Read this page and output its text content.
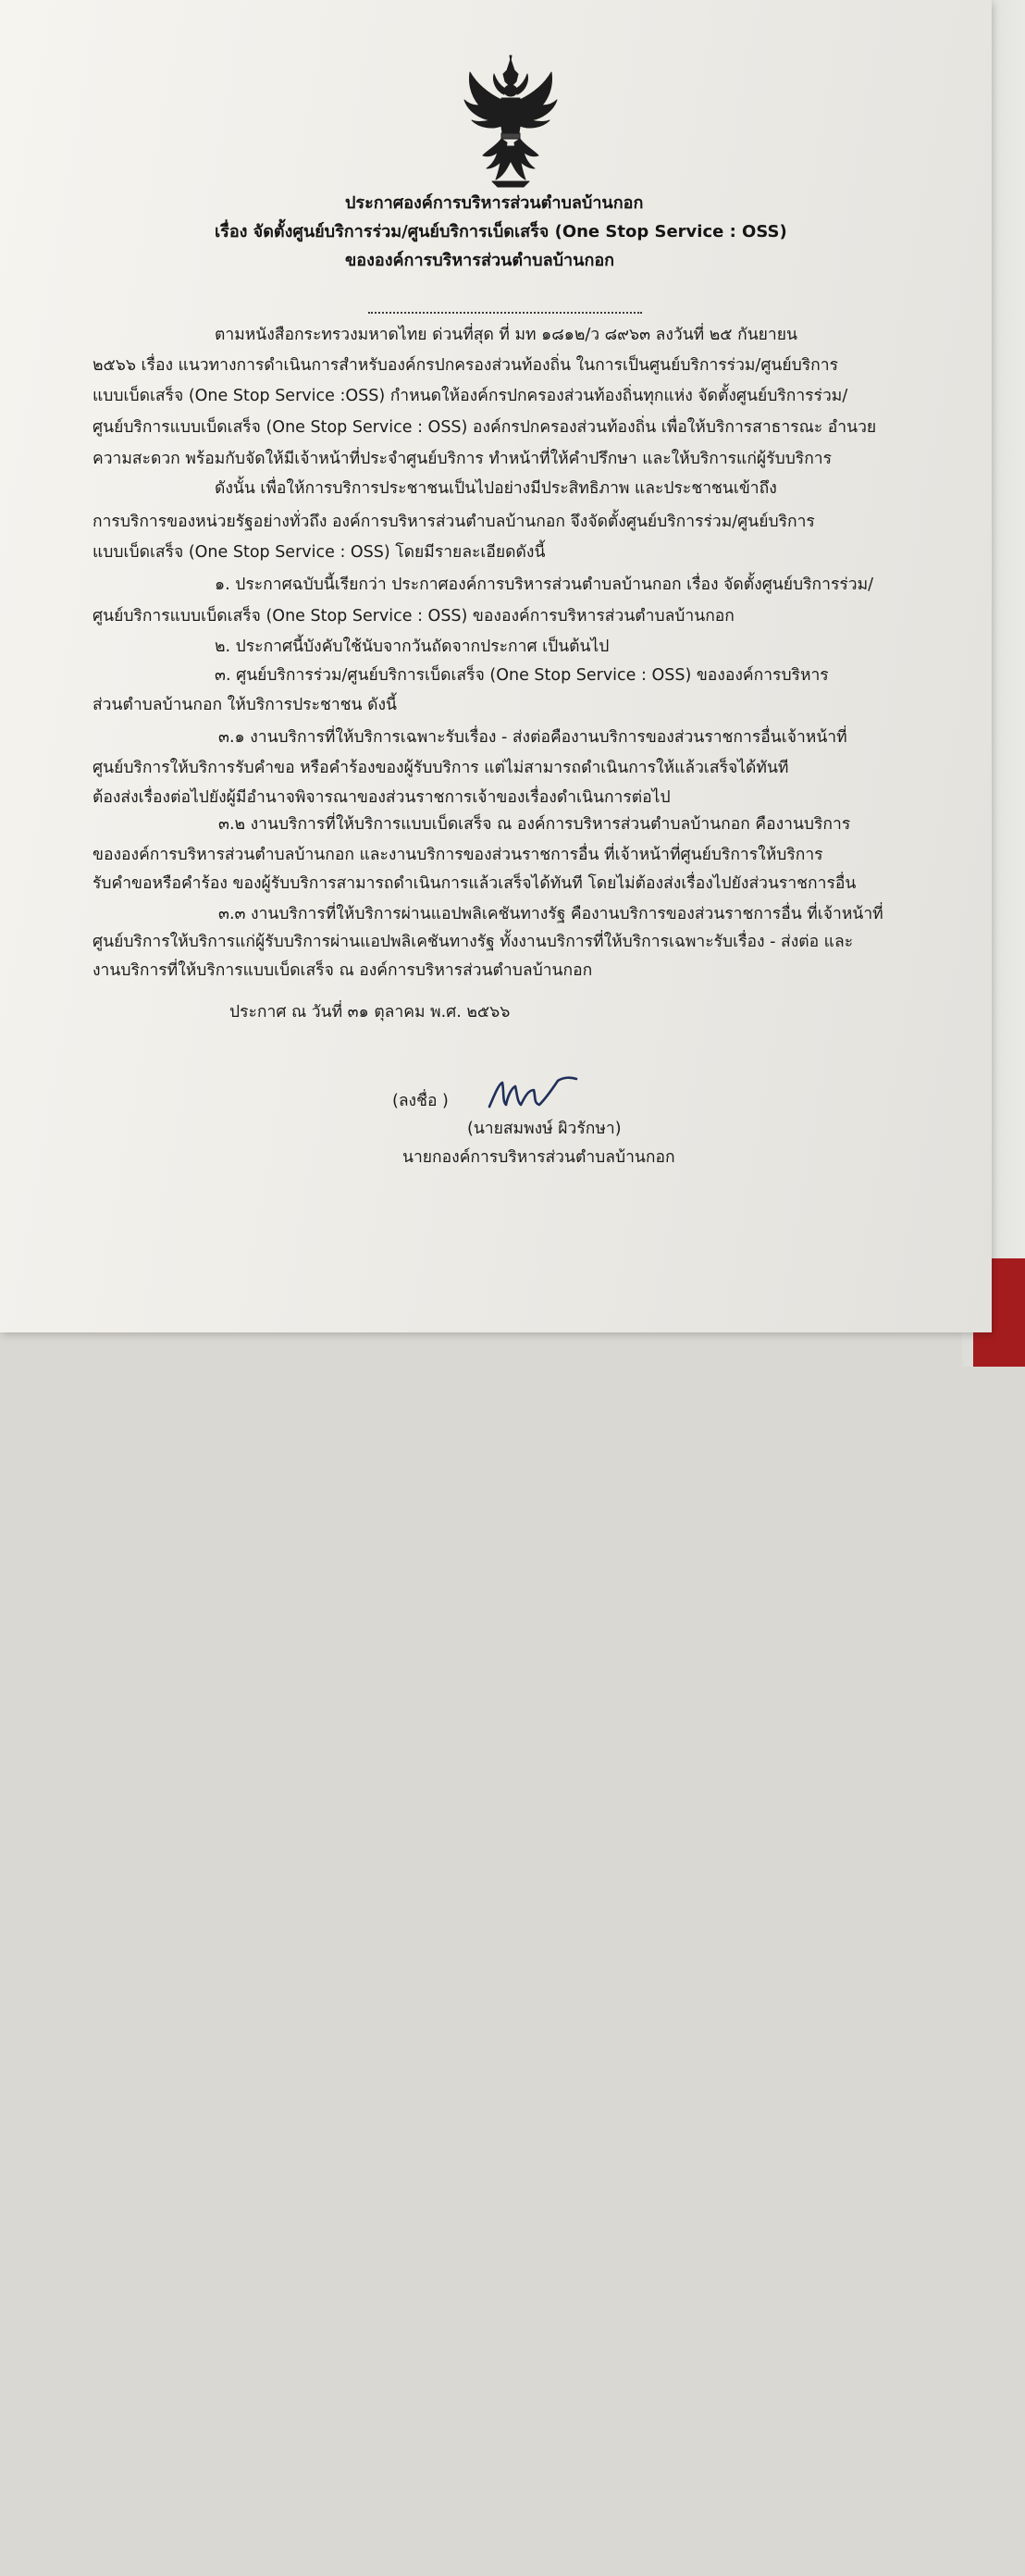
ประกาศองค์การบริหารส่วนตำบลบ้านกอก

เรื่อง จัดตั้งศูนย์บริการร่วม/ศูนย์บริการเบ็ดเสร็จ (One Stop Service : OSS)

ขององค์การบริหารส่วนตำบลบ้านกอก

ตามหนังสือกระทรวงมหาดไทย ด่วนที่สุด ที่ มท ๑๘๑๒/ว ๘๙๖๓ ลงวันที่ ๒๕ กันยายน

๒๕๖๖ เรื่อง แนวทางการดำเนินการสำหรับองค์กรปกครองส่วนท้องถิ่น ในการเป็นศูนย์บริการร่วม/ศูนย์บริการ

แบบเบ็ดเสร็จ (One Stop Service :OSS) กำหนดให้องค์กรปกครองส่วนท้องถิ่นทุกแห่ง จัดตั้งศูนย์บริการร่วม/

ศูนย์บริการแบบเบ็ดเสร็จ (One Stop Service : OSS) องค์กรปกครองส่วนท้องถิ่น เพื่อให้บริการสาธารณะ อำนวย

ความสะดวก พร้อมกับจัดให้มีเจ้าหน้าที่ประจำศูนย์บริการ ทำหน้าที่ให้คำปรึกษา และให้บริการแก่ผู้รับบริการ

ดังนั้น เพื่อให้การบริการประชาชนเป็นไปอย่างมีประสิทธิภาพ และประชาชนเข้าถึง

การบริการของหน่วยรัฐอย่างทั่วถึง องค์การบริหารส่วนตำบลบ้านกอก จึงจัดตั้งศูนย์บริการร่วม/ศูนย์บริการ

แบบเบ็ดเสร็จ (One Stop Service : OSS) โดยมีรายละเอียดดังนี้

๑. ประกาศฉบับนี้เรียกว่า ประกาศองค์การบริหารส่วนตำบลบ้านกอก เรื่อง จัดตั้งศูนย์บริการร่วม/

ศูนย์บริการแบบเบ็ดเสร็จ (One Stop Service : OSS) ขององค์การบริหารส่วนตำบลบ้านกอก

๒. ประกาศนี้บังคับใช้นับจากวันถัดจากประกาศ เป็นต้นไป

๓. ศูนย์บริการร่วม/ศูนย์บริการเบ็ดเสร็จ (One Stop Service : OSS) ขององค์การบริหาร

ส่วนตำบลบ้านกอก ให้บริการประชาชน ดังนี้

๓.๑ งานบริการที่ให้บริการเฉพาะรับเรื่อง - ส่งต่อคืองานบริการของส่วนราชการอื่นเจ้าหน้าที่

ศูนย์บริการให้บริการรับคำขอ หรือคำร้องของผู้รับบริการ แต่ไม่สามารถดำเนินการให้แล้วเสร็จได้ทันที

ต้องส่งเรื่องต่อไปยังผู้มีอำนาจพิจารณาของส่วนราชการเจ้าของเรื่องดำเนินการต่อไป

๓.๒ งานบริการที่ให้บริการแบบเบ็ดเสร็จ ณ องค์การบริหารส่วนตำบลบ้านกอก คืองานบริการ

ขององค์การบริหารส่วนตำบลบ้านกอก และงานบริการของส่วนราชการอื่น ที่เจ้าหน้าที่ศูนย์บริการให้บริการ

รับคำขอหรือคำร้อง ของผู้รับบริการสามารถดำเนินการแล้วเสร็จได้ทันที โดยไม่ต้องส่งเรื่องไปยังส่วนราชการอื่น

๓.๓ งานบริการที่ให้บริการผ่านแอปพลิเคชันทางรัฐ คืองานบริการของส่วนราชการอื่น ที่เจ้าหน้าที่

ศูนย์บริการให้บริการแก่ผู้รับบริการผ่านแอปพลิเคชันทางรัฐ ทั้งงานบริการที่ให้บริการเฉพาะรับเรื่อง - ส่งต่อ และ

งานบริการที่ให้บริการแบบเบ็ดเสร็จ ณ องค์การบริหารส่วนตำบลบ้านกอก

ประกาศ ณ วันที่ ๓๑ ตุลาคม พ.ศ. ๒๕๖๖

(ลงชื่อ )

(นายสมพงษ์ ผิวรักษา)

นายกองค์การบริหารส่วนตำบลบ้านกอก
